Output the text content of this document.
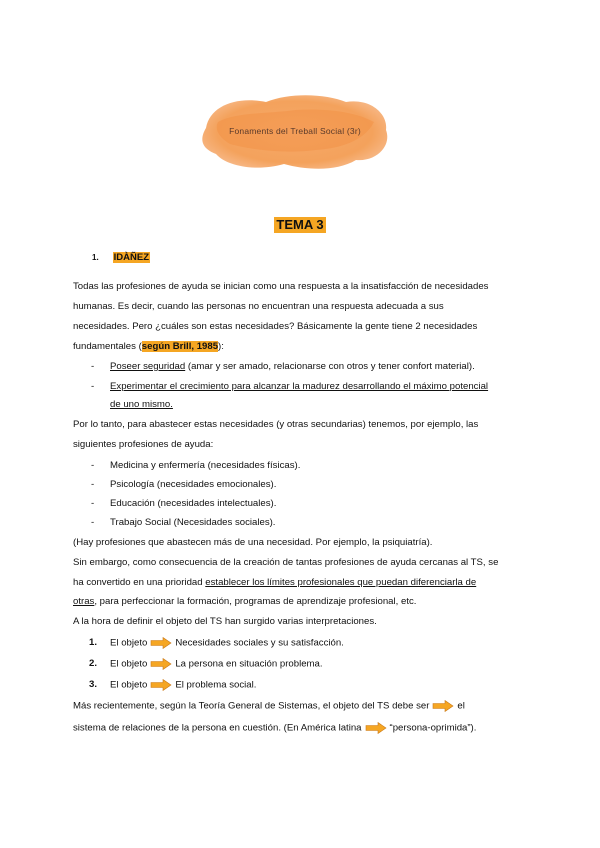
Fonaments del Treball Social (3r)
TEMA 3
1. IDÀÑEZ
Todas las profesiones de ayuda se inician como una respuesta a la insatisfacción de necesidades
humanas. Es decir, cuando las personas no encuentran una respuesta adecuada a sus
necesidades. Pero ¿cuáles son estas necesidades? Básicamente la gente tiene 2 necesidades
fundamentales (según Brill, 1985):
- Poseer seguridad (amar y ser amado, relacionarse con otros y tener confort material).
- Experimentar el crecimiento para alcanzar la madurez desarrollando el máximo potencial
de uno mismo.
Por lo tanto, para abastecer estas necesidades (y otras secundarias) tenemos, por ejemplo, las
siguientes profesiones de ayuda:
- Medicina y enfermería (necesidades físicas).
- Psicología (necesidades emocionales).
- Educación (necesidades intelectuales).
- Trabajo Social (Necesidades sociales).
(Hay profesiones que abastecen más de una necesidad. Por ejemplo, la psiquiatría).
Sin embargo, como consecuencia de la creación de tantas profesiones de ayuda cercanas al TS, se
ha convertido en una prioridad establecer los límites profesionales que puedan diferenciarla de
otras, para perfeccionar la formación, programas de aprendizaje profesional, etc.
A la hora de definir el objeto del TS han surgido varias interpretaciones.
1. El objeto	Necesidades sociales y su satisfacción.
2. El objeto	La persona en situación problema.
3. El objeto	El problema social.
Más recientemente, según la Teoría General de Sistemas, el objeto del TS debe ser	el
sistema de relaciones de la persona en cuestión. (En América latina	“persona-oprimida”).
